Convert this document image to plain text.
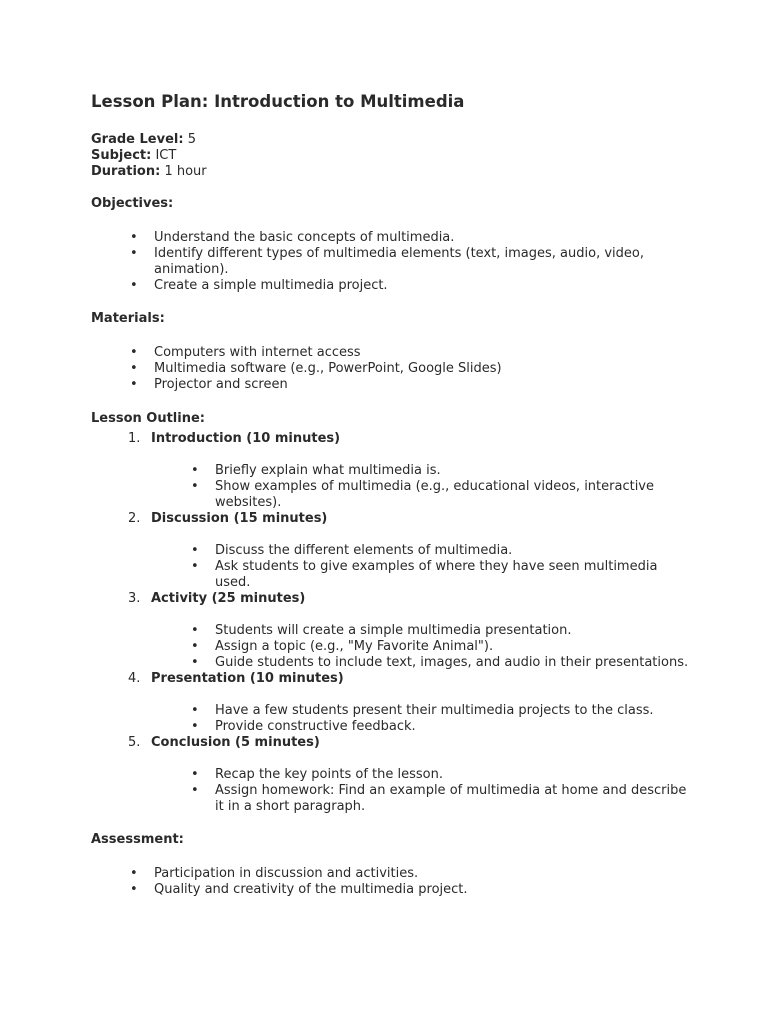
Lesson Plan: Introduction to Multimedia
Grade Level: 5
Subject: ICT
Duration: 1 hour
Objectives:
• Understand the basic concepts of multimedia.
• Identify different types of multimedia elements (text, images, audio, video, animation).
• Create a simple multimedia project.
Materials:
• Computers with internet access
• Multimedia software (e.g., PowerPoint, Google Slides)
• Projector and screen
Lesson Outline:
1. Introduction (10 minutes)
• Briefly explain what multimedia is.
• Show examples of multimedia (e.g., educational videos, interactive websites).
2. Discussion (15 minutes)
• Discuss the different elements of multimedia.
• Ask students to give examples of where they have seen multimedia used.
3. Activity (25 minutes)
• Students will create a simple multimedia presentation.
• Assign a topic (e.g., "My Favorite Animal").
• Guide students to include text, images, and audio in their presentations.
4. Presentation (10 minutes)
• Have a few students present their multimedia projects to the class.
• Provide constructive feedback.
5. Conclusion (5 minutes)
• Recap the key points of the lesson.
• Assign homework: Find an example of multimedia at home and describe it in a short paragraph.
Assessment:
• Participation in discussion and activities.
• Quality and creativity of the multimedia project.
